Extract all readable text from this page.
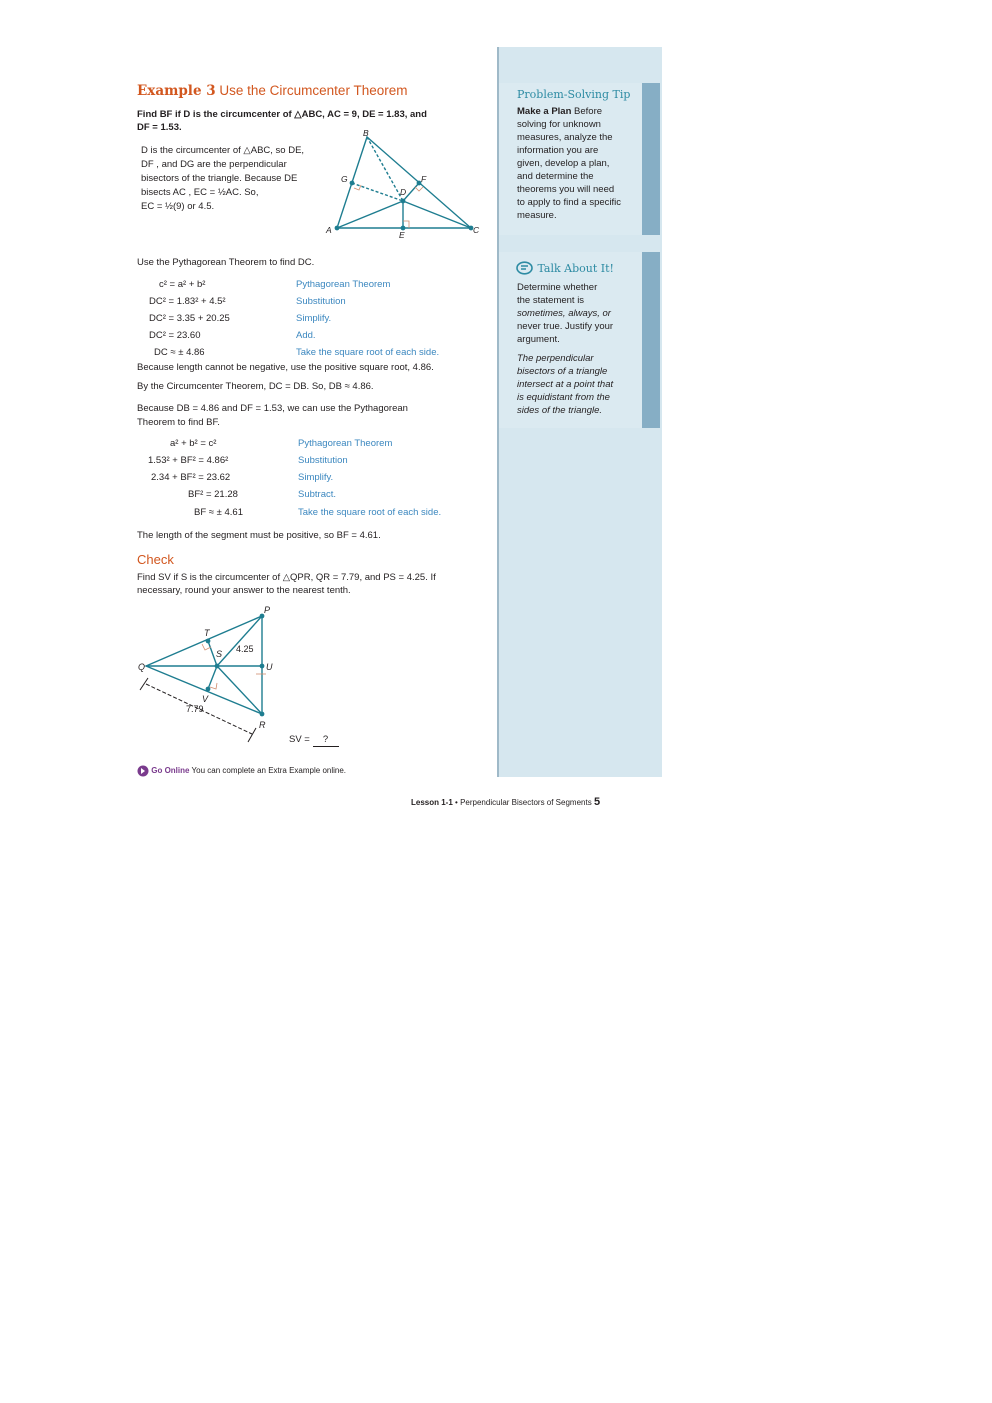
Problem-Solving Tip
Make a Plan Before
solving for unknown
measures, analyze the
information you are
given, develop a plan,
and determine the
theorems you will need
to apply to find a specific
measure.
Talk About It!
Determine whether
the statement is
sometimes, always, or
never true. Justify your
argument.
The perpendicular
bisectors of a triangle
intersect at a point that
is equidistant from the
sides of the triangle.
Example 3 Use the Circumcenter Theorem
Find BF if D is the circumcenter of △ABC, AC = 9, DE = 1.83, and
DF = 1.53.
D is the circumcenter of △ABC, so DE,
DF , and DG are the perpendicular
bisectors of the triangle. Because DE
bisects AC , EC = ½AC. So,
EC = ½(9) or 4.5.
B
G	F
D
A	E	C
Use the Pythagorean Theorem to find DC.
c² = a² + b²	Pythagorean Theorem
DC² = 1.83² + 4.5²	Substitution
DC² = 3.35 + 20.25	Simplify.
DC² = 23.60	Add.
DC ≈ ± 4.86	Take the square root of each side.
Because length cannot be negative, use the positive square root, 4.86.
By the Circumcenter Theorem, DC = DB. So, DB ≈ 4.86.
Because DB = 4.86 and DF = 1.53, we can use the Pythagorean
Theorem to find BF.
a² + b² = c²	Pythagorean Theorem
1.53² + BF² = 4.86²	Substitution
2.34 + BF² = 23.62	Simplify.
BF² = 21.28	Subtract.
BF ≈ ± 4.61	Take the square root of each side.
The length of the segment must be positive, so BF = 4.61.
Check
Find SV if S is the circumcenter of △QPR, QR = 7.79, and PS = 4.25. If
necessary, round your answer to the nearest tenth.
P
T
S 4.25
U
Q
V
7.79
R
SV = ?
Go Online You can complete an Extra Example online.
Lesson 1-1 • Perpendicular Bisectors of Segments 5
